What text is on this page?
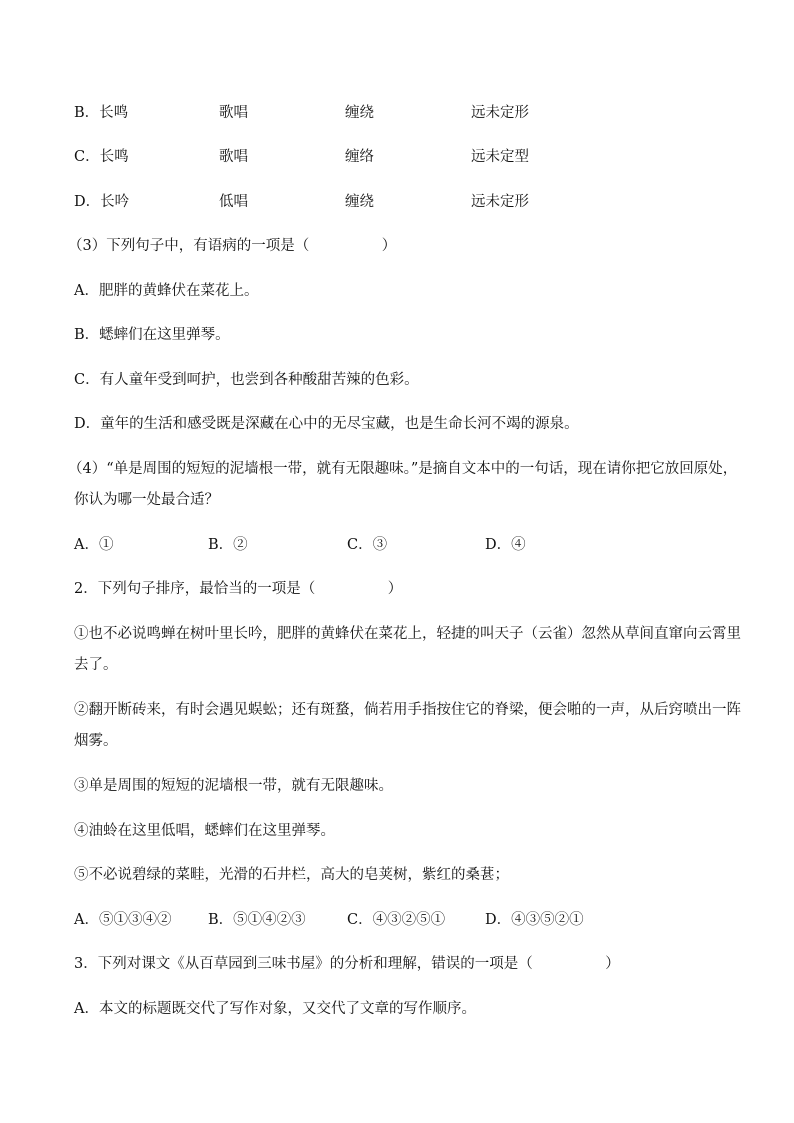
B．长鸣	歌唱	缠绕	远未定形
C．长鸣	歌唱	缠络	远未定型
D．长吟	低唱	缠绕	远未定形
（3）下列句子中，有语病的一项是（　　　　　）
A．肥胖的黄蜂伏在菜花上。
B．蟋蟀们在这里弹琴。
C．有人童年受到呵护，也尝到各种酸甜苦辣的色彩。
D．童年的生活和感受既是深藏在心中的无尽宝藏，也是生命长河不竭的源泉。
（4）“单是周围的短短的泥墙根一带，就有无限趣味。”是摘自文本中的一句话，现在请你把它放回原处，
你认为哪一处最合适？
A．①	B．②	C．③	D．④
2．下列句子排序，最恰当的一项是（　　　　　）
①也不必说鸣蝉在树叶里长吟，肥胖的黄蜂伏在菜花上，轻捷的叫天子（云雀）忽然从草间直窜向云霄里
去了。
②翻开断砖来，有时会遇见蜈蚣；还有斑蝥，倘若用手指按住它的脊梁，便会啪的一声，从后窍喷出一阵
烟雾。
③单是周围的短短的泥墙根一带，就有无限趣味。
④油蛉在这里低唱，蟋蟀们在这里弹琴。
⑤不必说碧绿的菜畦，光滑的石井栏，高大的皂荚树，紫红的桑葚；
A．⑤①③④②	B．⑤①④②③	C．④③②⑤①	D．④③⑤②①
3．下列对课文《从百草园到三味书屋》的分析和理解，错误的一项是（　　　　　）
A．本文的标题既交代了写作对象，又交代了文章的写作顺序。
